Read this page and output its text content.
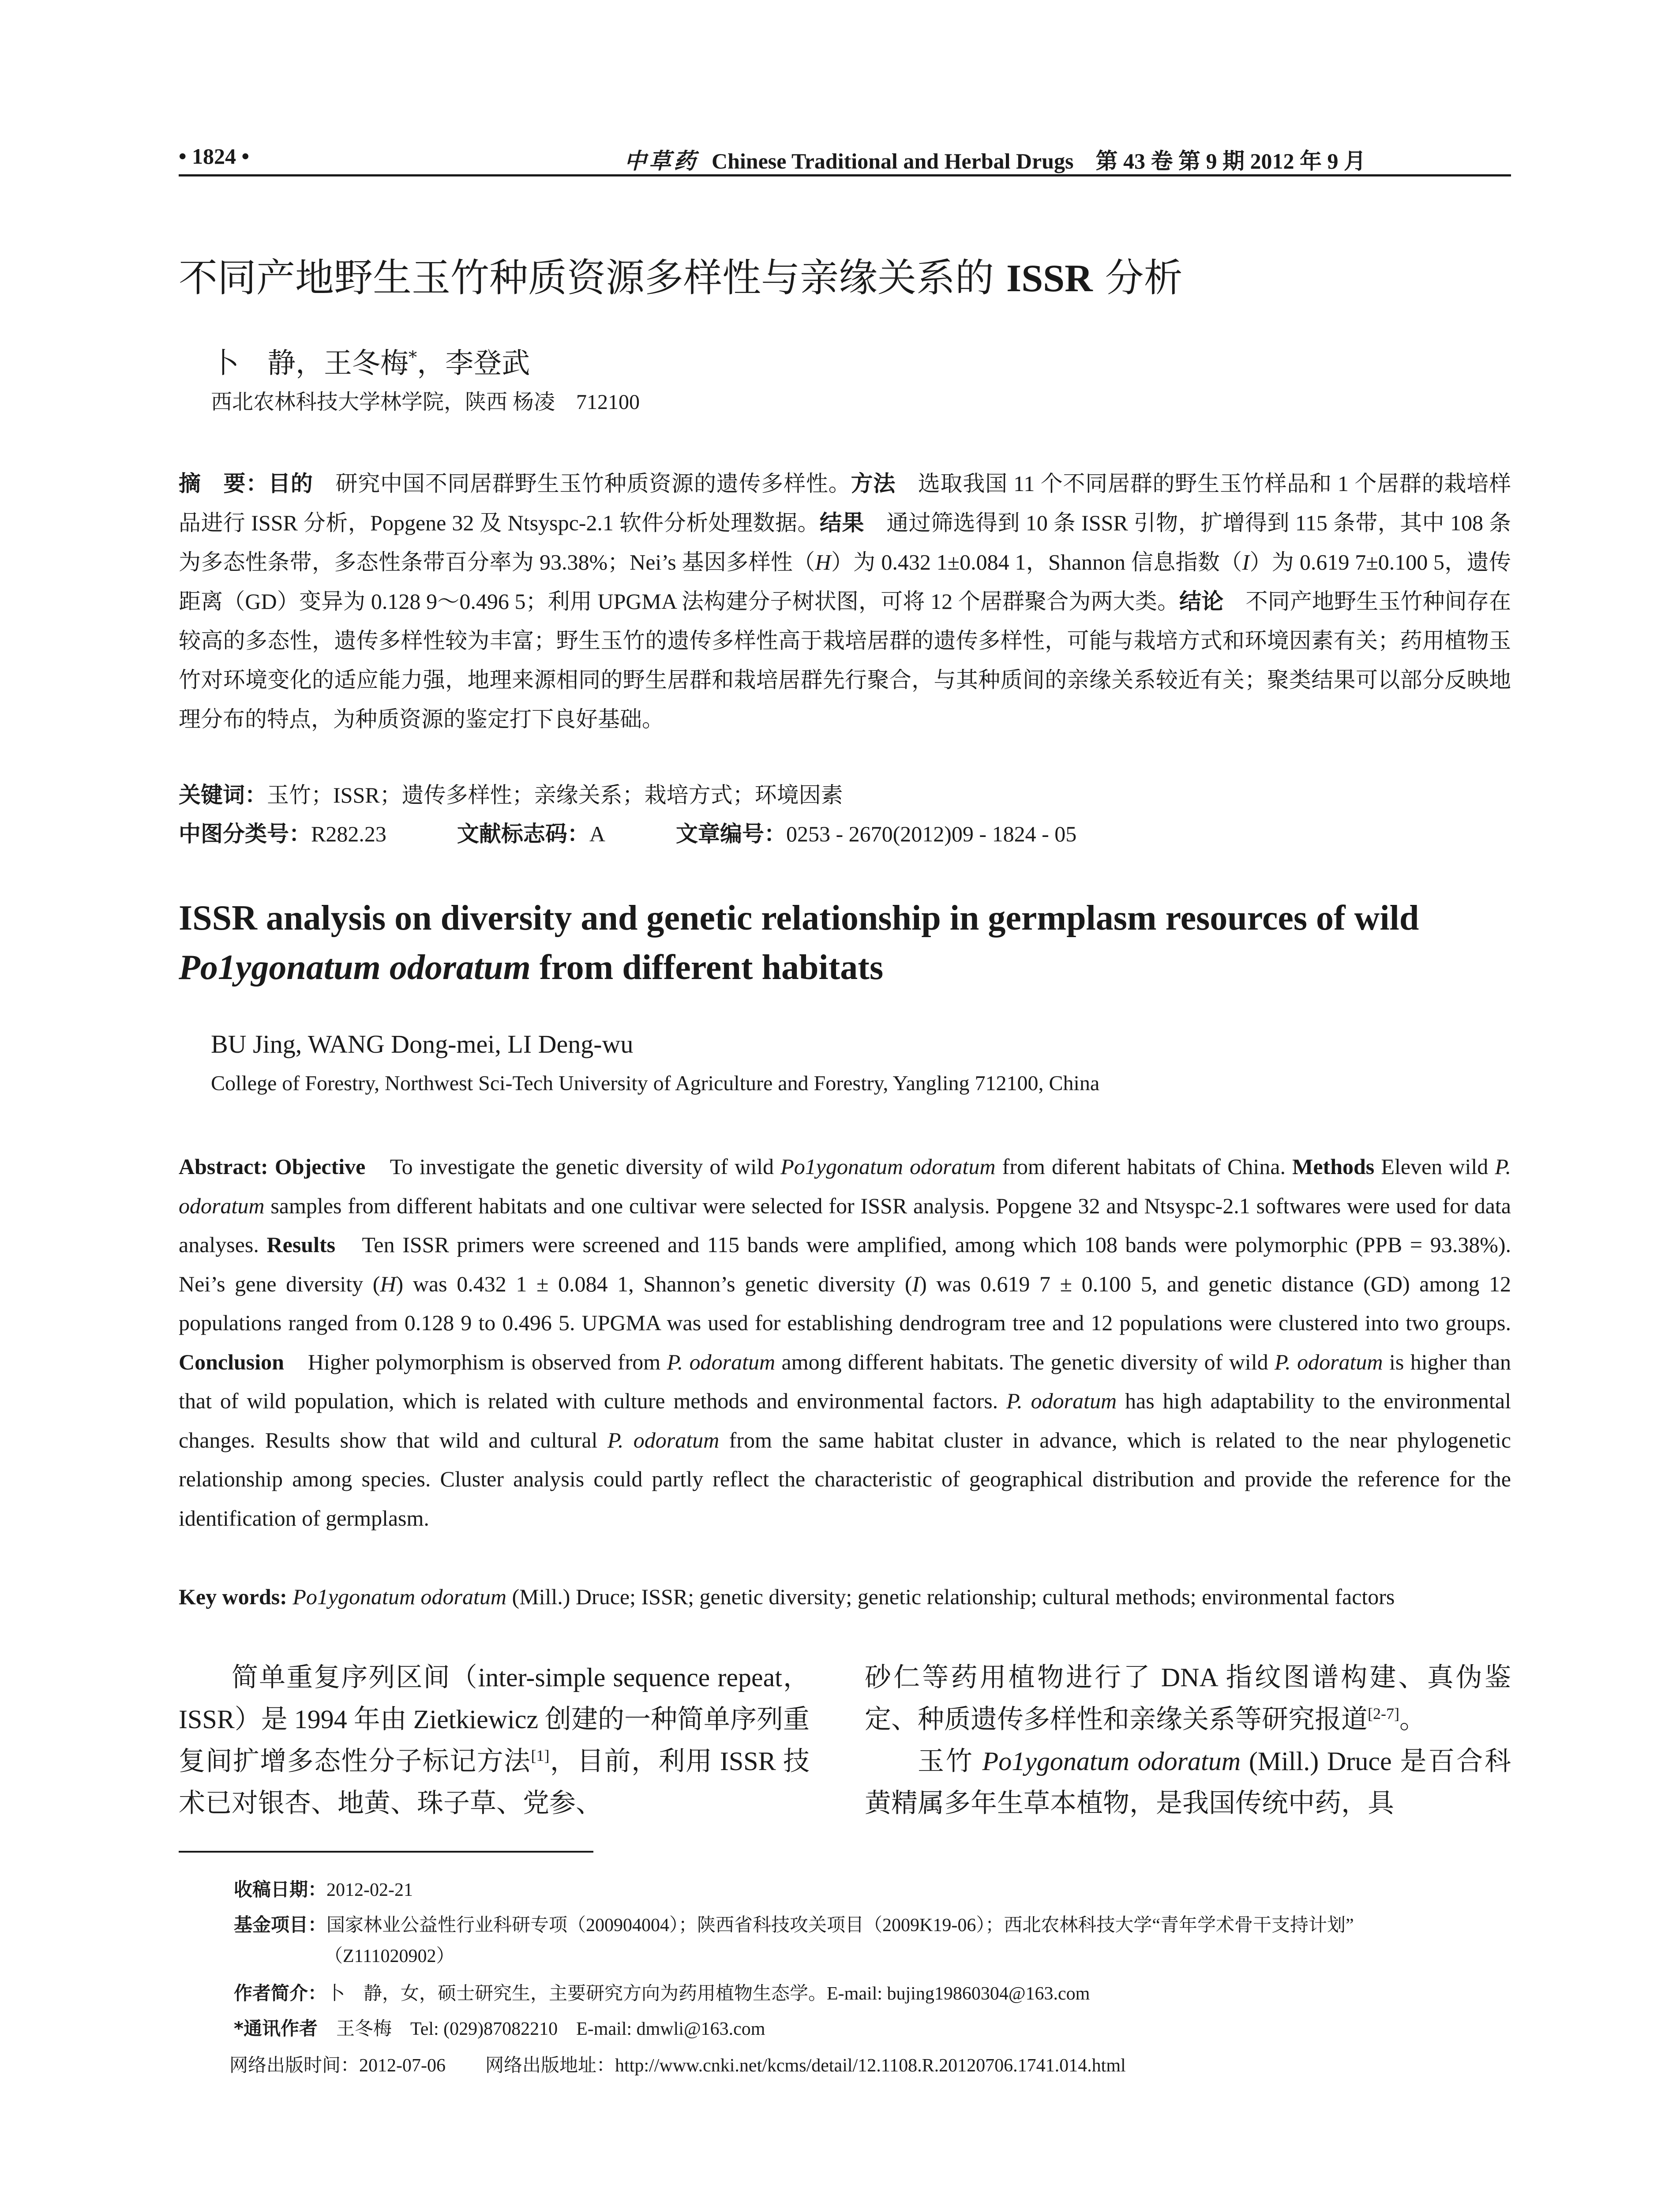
• 1824 •	中草药 Chinese Traditional and Herbal Drugs　 第 43 卷 第 9 期 2012 年 9 月
不同产地野生玉竹种质资源多样性与亲缘关系的 ISSR 分析
卜　静，王冬梅*，李登武
西北农林科技大学林学院，陕西 杨凌　712100
摘　要：目的　研究中国不同居群野生玉竹种质资源的遗传多样性。方法　选取我国 11 个不同居群的野生玉竹样品和 1 个居群的栽培样品进行 ISSR 分析，Popgene 32 及 Ntsyspc-2.1 软件分析处理数据。结果　通过筛选得到 10 条 ISSR 引物，扩增得到 115 条带，其中 108 条为多态性条带，多态性条带百分率为 93.38%；Nei’s 基因多样性（H）为 0.432 1±0.084 1，Shannon 信息指数（I）为 0.619 7±0.100 5，遗传距离（GD）变异为 0.128 9～0.496 5；利用 UPGMA 法构建分子树状图，可将 12 个居群聚合为两大类。结论　不同产地野生玉竹种间存在较高的多态性，遗传多样性较为丰富；野生玉竹的遗传多样性高于栽培居群的遗传多样性，可能与栽培方式和环境因素有关；药用植物玉竹对环境变化的适应能力强，地理来源相同的野生居群和栽培居群先行聚合，与其种质间的亲缘关系较近有关；聚类结果可以部分反映地理分布的特点，为种质资源的鉴定打下良好基础。
关键词：玉竹；ISSR；遗传多样性；亲缘关系；栽培方式；环境因素
中图分类号：R282.23	文献标志码：A	文章编号：0253 - 2670(2012)09 - 1824 - 05
ISSR analysis on diversity and genetic relationship in germplasm resources of wild
Po1ygonatum odoratum from different habitats
BU Jing, WANG Dong-mei, LI Deng-wu
College of Forestry, Northwest Sci-Tech University of Agriculture and Forestry, Yangling 712100, China
Abstract: Objective　To investigate the genetic diversity of wild Po1ygonatum odoratum from diferent habitats of China. Methods Eleven wild P. odoratum samples from different habitats and one cultivar were selected for ISSR analysis. Popgene 32 and Ntsyspc-2.1 softwares were used for data analyses. Results　Ten ISSR primers were screened and 115 bands were amplified, among which 108 bands were polymorphic (PPB = 93.38%). Nei’s gene diversity (H) was 0.432 1 ± 0.084 1, Shannon’s genetic diversity (I) was 0.619 7 ± 0.100 5, and genetic distance (GD) among 12 populations ranged from 0.128 9 to 0.496 5. UPGMA was used for establishing dendrogram tree and 12 populations were clustered into two groups. Conclusion　Higher polymorphism is observed from P. odoratum among different habitats. The genetic diversity of wild P. odoratum is higher than that of wild population, which is related with culture methods and environmental factors. P. odoratum has high adaptability to the environmental changes. Results show that wild and cultural P. odoratum from the same habitat cluster in advance, which is related to the near phylogenetic relationship among species. Cluster analysis could partly reflect the characteristic of geographical distribution and provide the reference for the identification of germplasm.
Key words: Po1ygonatum odoratum (Mill.) Druce; ISSR; genetic diversity; genetic relationship; cultural methods; environmental factors
简单重复序列区间（inter-simple sequence repeat，ISSR）是 1994 年由 Zietkiewicz 创建的一种简单序列重复间扩增多态性分子标记方法[1]，目前，利用 ISSR 技术已对银杏、地黄、珠子草、党参、
砂仁等药用植物进行了 DNA 指纹图谱构建、真伪鉴定、种质遗传多样性和亲缘关系等研究报道[2-7]。
玉竹 Po1ygonatum odoratum (Mill.) Druce 是百合科黄精属多年生草本植物，是我国传统中药，具
收稿日期：2012-02-21
基金项目：国家林业公益性行业科研专项（200904004）；陕西省科技攻关项目（2009K19-06）；西北农林科技大学“青年学术骨干支持计划”
（Z111020902）
作者简介：卜　静，女，硕士研究生，主要研究方向为药用植物生态学。E-mail: bujing19860304@163.com
*通讯作者　王冬梅　Tel: (029)87082210　E-mail: dmwli@163.com
网络出版时间：2012-07-06 网络出版地址：http://www.cnki.net/kcms/detail/12.1108.R.20120706.1741.014.html
